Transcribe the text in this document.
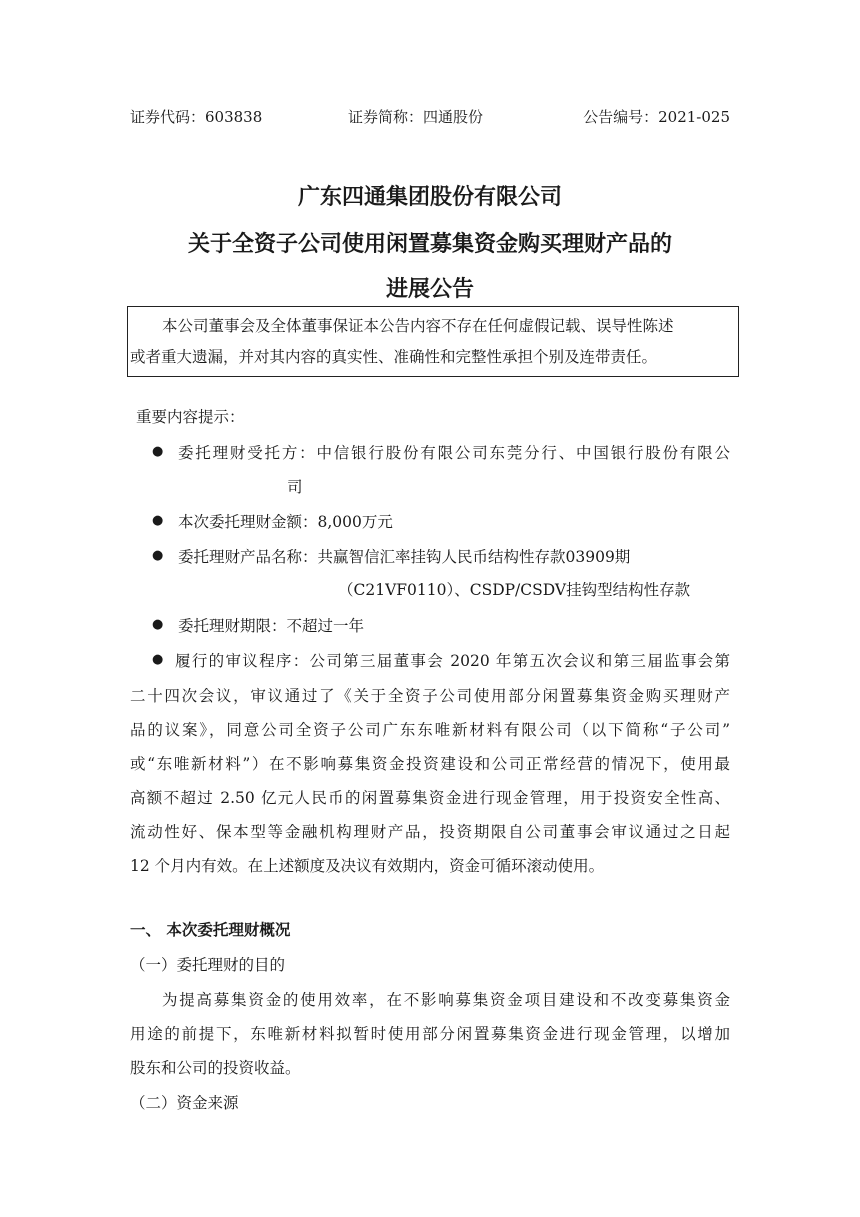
证券代码：603838	证券简称：四通股份	公告编号：2021-025
广东四通集团股份有限公司
关于全资子公司使用闲置募集资金购买理财产品的
进展公告

本公司董事会及全体董事保证本公告内容不存在任何虚假记载、误导性陈述

或者重大遗漏，并对其内容的真实性、准确性和完整性承担个别及连带责任。

重要内容提示：
● 委托理财受托方：中信银行股份有限公司东莞分行、中国银行股份有限公
司
● 本次委托理财金额：8,000万元
● 委托理财产品名称：共赢智信汇率挂钩人民币结构性存款03909期
（C21VF0110）、CSDP/CSDV挂钩型结构性存款
● 委托理财期限：不超过一年
● 履行的审议程序：公司第三届董事会 2020 年第五次会议和第三届监事会第
二十四次会议，审议通过了《关于全资子公司使用部分闲置募集资金购买理财产
品的议案》，同意公司全资子公司广东东唯新材料有限公司（以下简称“子公司”
或“东唯新材料”）在不影响募集资金投资建设和公司正常经营的情况下，使用最
高额不超过 2.50 亿元人民币的闲置募集资金进行现金管理，用于投资安全性高、
流动性好、保本型等金融机构理财产品，投资期限自公司董事会审议通过之日起
12 个月内有效。在上述额度及决议有效期内，资金可循环滚动使用。
一、 本次委托理财概况
（一）委托理财的目的
为提高募集资金的使用效率，在不影响募集资金项目建设和不改变募集资金
用途的前提下，东唯新材料拟暂时使用部分闲置募集资金进行现金管理，以增加
股东和公司的投资收益。
（二）资金来源
